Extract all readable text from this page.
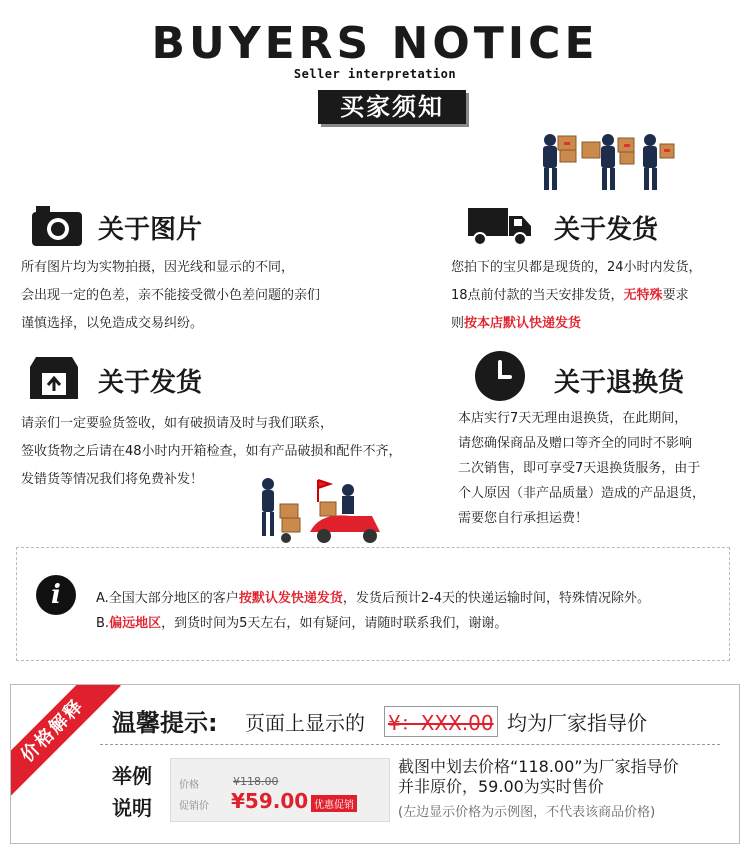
BUYERS NOTICE
Seller interpretation
买家须知
关于图片
所有图片均为实物拍摄，因光线和显示的不同，
会出现一定的色差，亲不能接受微小色差问题的亲们
谨慎选择，以免造成交易纠纷。
关于发货
您拍下的宝贝都是现货的，24小时内发货，
18点前付款的当天安排发货，无特殊要求
则按本店默认快递发货
关于发货
请亲们一定要验货签收，如有破损请及时与我们联系，
签收货物之后请在48小时内开箱检查，如有产品破损和配件不齐，
发错货等情况我们将免费补发！
关于退换货
本店实行7天无理由退换货，在此期间，
请您确保商品及赠口等齐全的同时不影响
二次销售，即可享受7天退换货服务，由于
个人原因（非产品质量）造成的产品退货，
需要您自行承担运费！
i	A.全国大部分地区的客户按默认发快递发货，发货后预计2-4天的快递运输时间，特殊情况除外。
B.偏远地区，到货时间为5天左右，如有疑问，请随时联系我们，谢谢。
价格解释 温馨提示: 页面上显示的 ¥：XXX.00 均为厂家指导价
举例
说明
价格	¥118.00
促销价 ¥59.00 优惠促销
截图中划去价格“118.00”为厂家指导价
并非原价，59.00为实时售价
(左边显示价格为示例图，不代表该商品价格)
